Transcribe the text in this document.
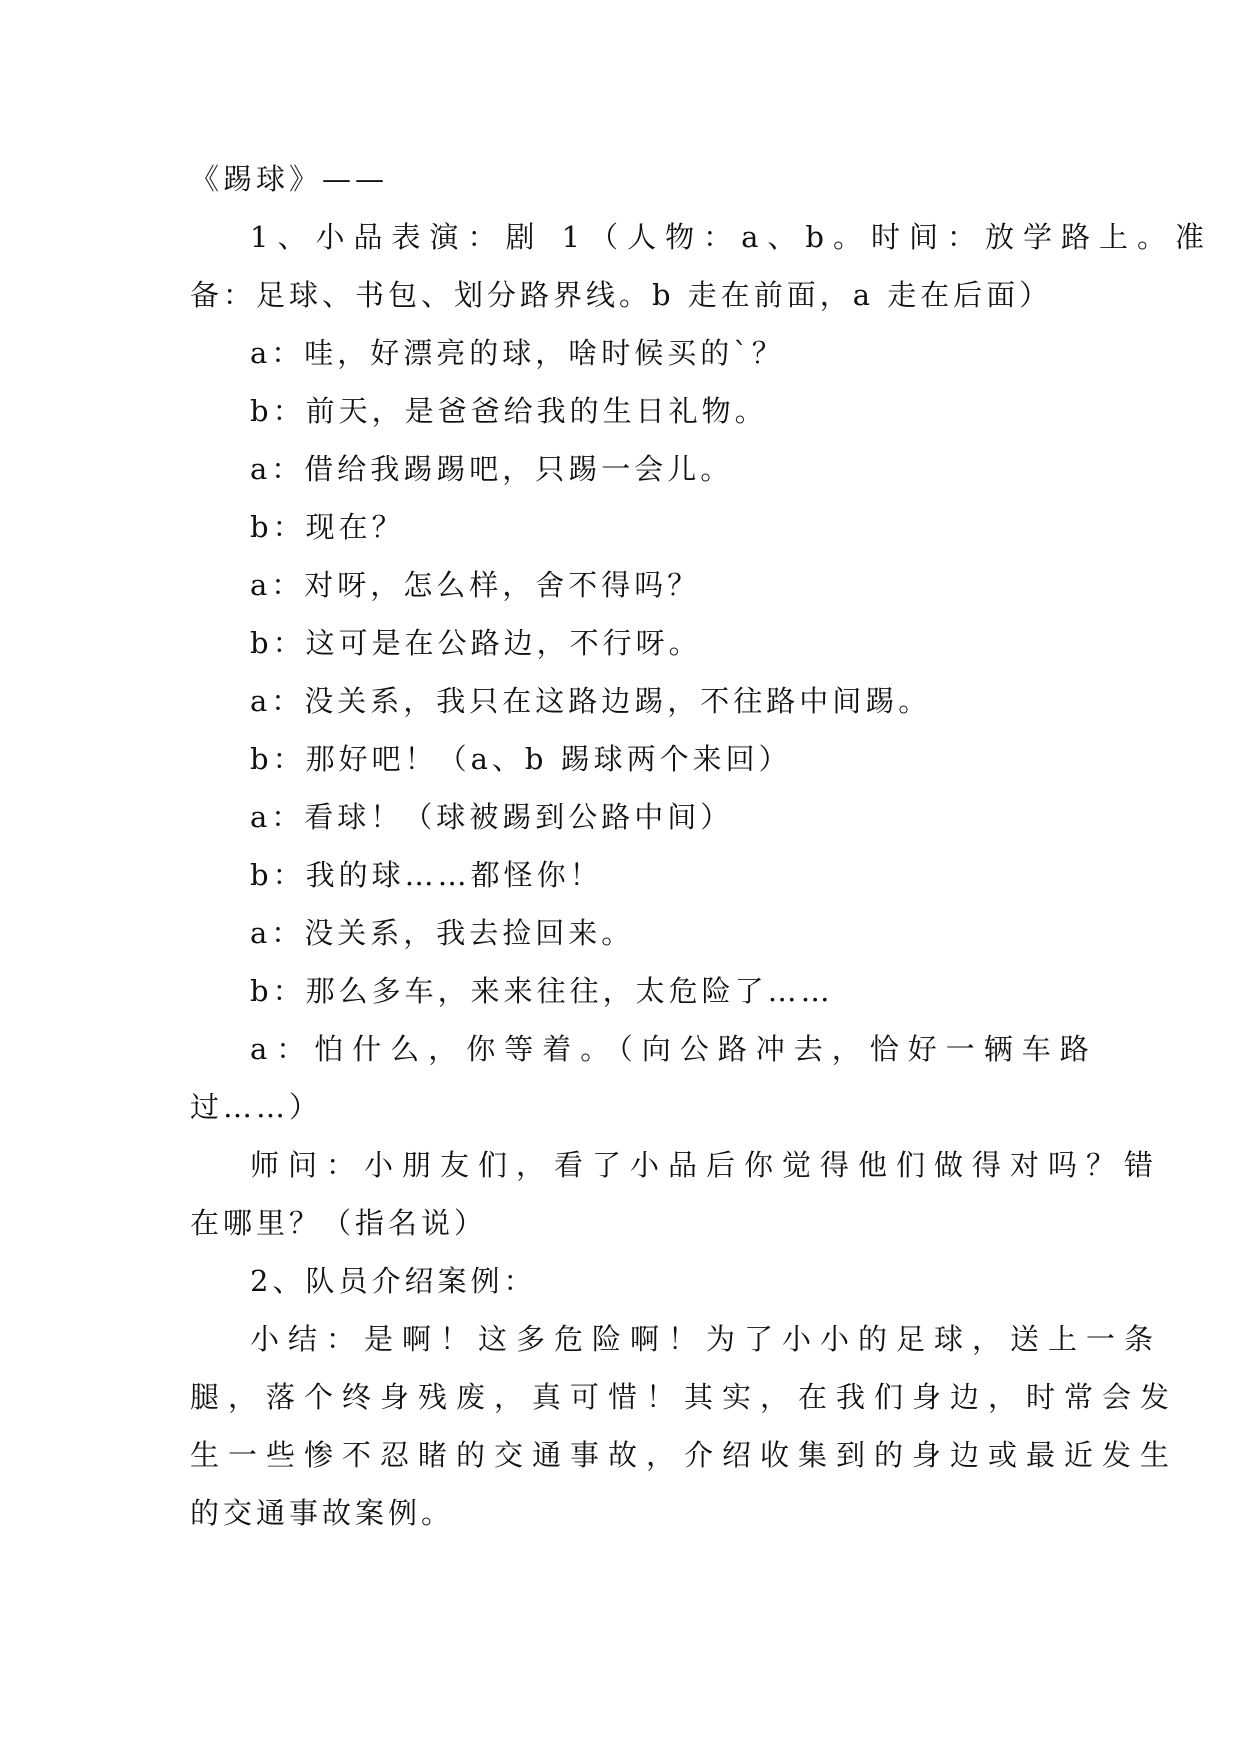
《踢球》——

1、小品表演：剧 1（人物：a、b。时间：放学路上。准

备：足球、书包、划分路界线。b 走在前面，a 走在后面）

a：哇，好漂亮的球，啥时候买的`？

b：前天，是爸爸给我的生日礼物。

a：借给我踢踢吧，只踢一会儿。

b：现在？

a：对呀，怎么样，舍不得吗？

b：这可是在公路边，不行呀。

a：没关系，我只在这路边踢，不往路中间踢。

b：那好吧！（a、b 踢球两个来回）

a：看球！（球被踢到公路中间）

b：我的球……都怪你！

a：没关系，我去捡回来。

b：那么多车，来来往往，太危险了……

a：怕什么，你等着。（向公路冲去，恰好一辆车路

过……）

师问：小朋友们，看了小品后你觉得他们做得对吗？错

在哪里？（指名说）

2、队员介绍案例：

小结：是啊！这多危险啊！为了小小的足球，送上一条

腿，落个终身残废，真可惜！其实，在我们身边，时常会发

生一些惨不忍睹的交通事故，介绍收集到的身边或最近发生

的交通事故案例。
